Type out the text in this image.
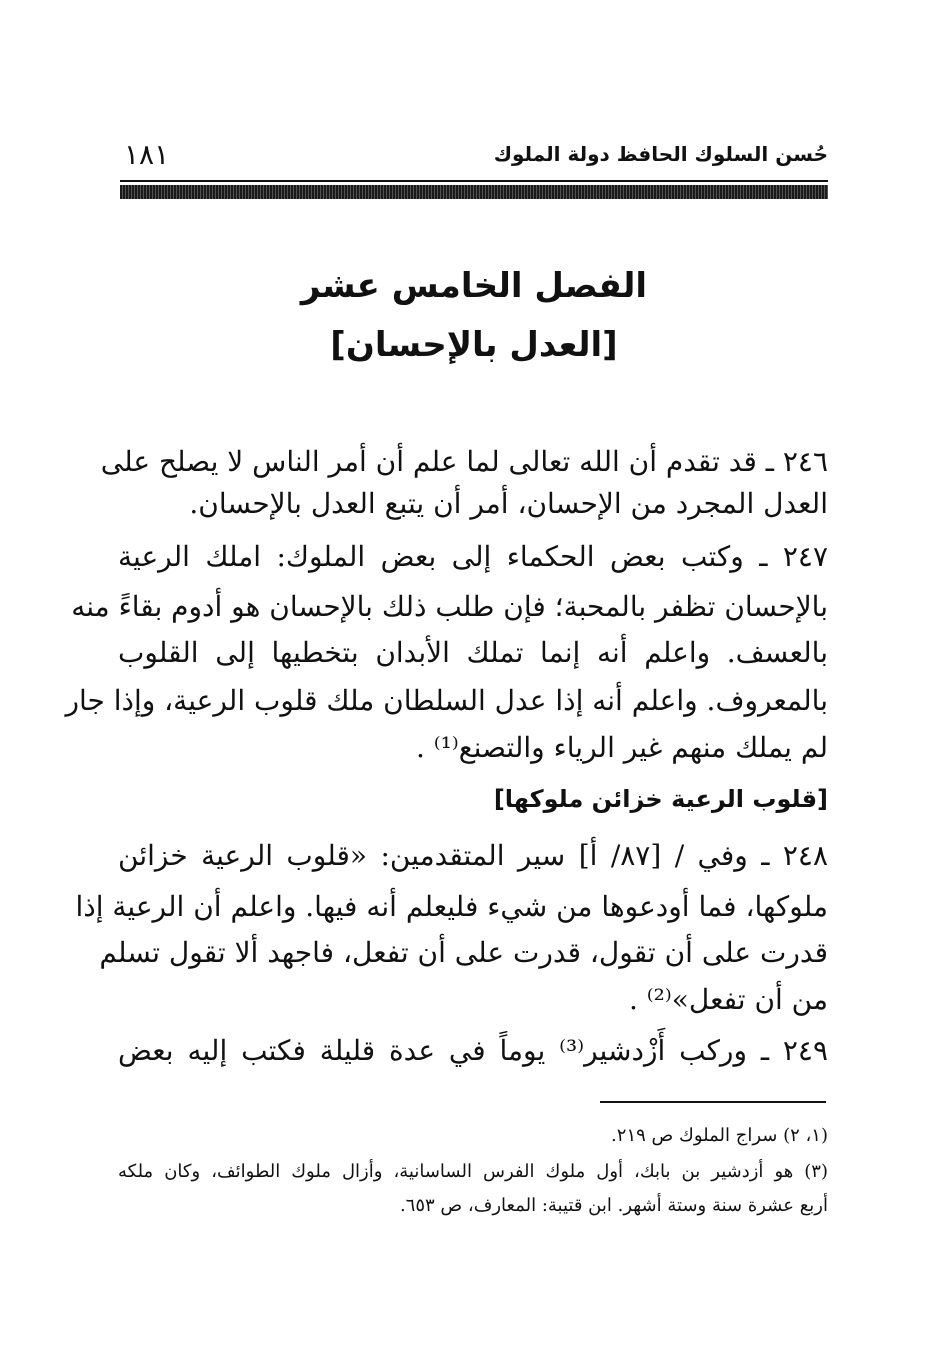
حُسن السلوك الحافظ دولة الملوك
١٨١
الفصل الخامس عشر
[العدل بالإحسان]
٢٤٦ ـ قد تقدم أن الله تعالى لما علم أن أمر الناس لا يصلح على
العدل المجرد من الإحسان، أمر أن يتبع العدل بالإحسان.
٢٤٧ ـ وكتب بعض الحكماء إلى بعض الملوك: املك الرعية
بالإحسان تظفر بالمحبة؛ فإن طلب ذلك بالإحسان هو أدوم بقاءً منه
بالعسف. واعلم أنه إنما تملك الأبدان بتخطيها إلى القلوب
بالمعروف. واعلم أنه إذا عدل السلطان ملك قلوب الرعية، وإذا جار
لم يملك منهم غير الرياء والتصنع⁽¹⁾ .
[قلوب الرعية خزائن ملوكها]
٢٤٨ ـ وفي / [٨٧/ أ] سير المتقدمين: «قلوب الرعية خزائن
ملوكها، فما أودعوها من شيء فليعلم أنه فيها. واعلم أن الرعية إذا
قدرت على أن تقول، قدرت على أن تفعل، فاجهد ألا تقول تسلم
من أن تفعل»⁽²⁾ .
٢٤٩ ـ وركب أَزْدشير⁽³⁾ يوماً في عدة قليلة فكتب إليه بعض
(١، ٢) سراج الملوك ص ٢١٩.
(٣) هو أزدشير بن بابك، أول ملوك الفرس الساسانية، وأزال ملوك الطوائف، وكان ملكه
أربع عشرة سنة وستة أشهر. ابن قتيبة: المعارف، ص ٦٥٣.
